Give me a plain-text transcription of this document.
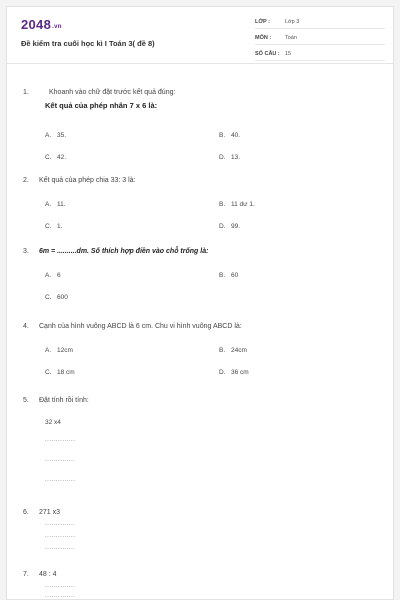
2048.vn
Đề kiểm tra cuối học kì I Toán 3( đề 8)
LỚP :	Lớp 3
MÔN :	Toán
SỐ CÂU : 15
1.	Khoanh vào chữ đặt trước kết quả đúng:
Kết quả của phép nhân 7 x 6 là:
A. 35.	B. 40.
C. 42.	D. 13.
2. Kết quả của phép chia 33: 3 là:
A. 11.	B. 11 dư 1.
C. 1.	D. 99.
3. 6m = ..........dm. Số thích hợp điền vào chỗ trống là:
A. 6	B. 60
C. 600
4. Cạnh của hình vuông ABCD là 6 cm. Chu vi hình vuông ABCD là:
A. 12cm	B. 24cm
C. 18 cm	D. 36 cm
5. Đặt tính rồi tính:
32 x4
..............
..............
..............
6. 271 x3
..............
..............
..............
7. 48 : 4
..............
..............
